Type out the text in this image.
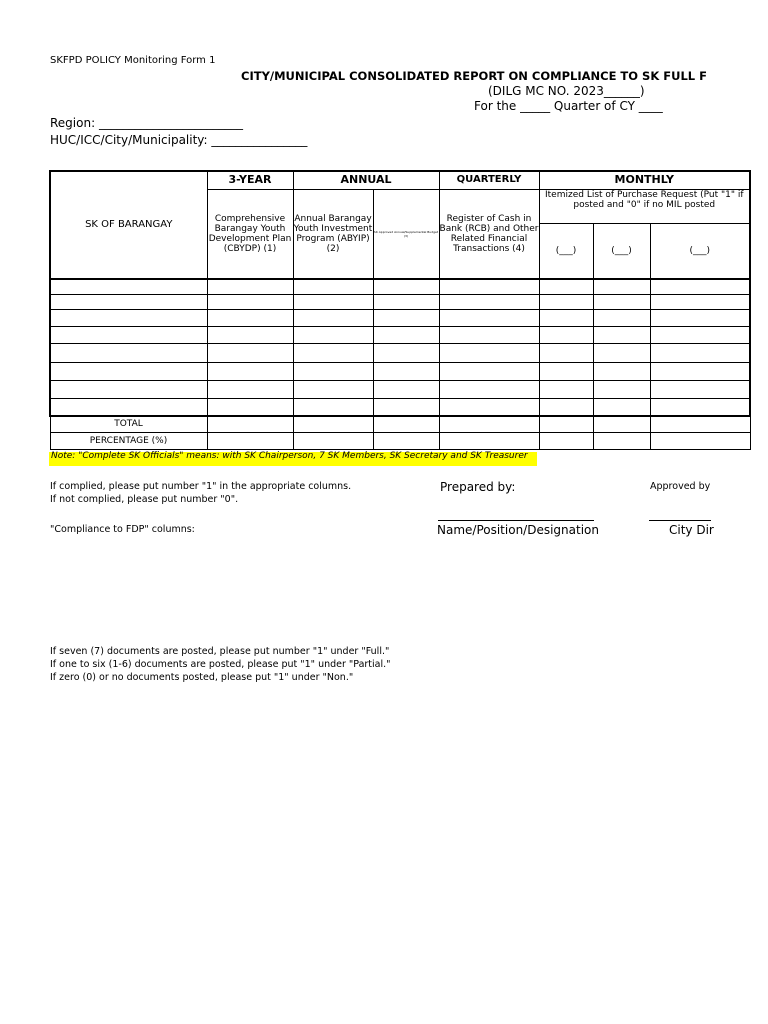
SKFPD POLICY Monitoring Form 1
CITY/MUNICIPAL CONSOLIDATED REPORT ON COMPLIANCE TO SK FULL F
(DILG MC NO. 2023______)
For the _____ Quarter of CY ____
Region: ________________________
HUC/ICC/City/Municipality: ________________
SK OF BARANGAY	3-YEAR	ANNUAL		QUARTERLY	MONTHLY		
	Comprehensive Barangay Youth Development Plan (CBYDP) (1)	Annual Barangay Youth Investment Program (ABYIP) (2)	SK Approved Annual/Supplemental Budget (3)	Register of Cash in Bank (RCB) and Other Related Financial Transactions (4)	Itemized List of Purchase Request (Put "1" if posted and "0" if no MIL posted		
					(___)	(___)	(___)

TOTAL							
PERCENTAGE (%)							
Note: "Complete SK Officials" means: with SK Chairperson, 7 SK Members, SK Secretary and SK Treasurer
If complied, please put number "1" in the appropriate columns.
If not complied, please put number "0".
"Compliance to FDP" columns:
Prepared by:	Approved by
Name/Position/Designation	City Dir
If seven (7) documents are posted, please put number "1" under "Full."
If one to six (1-6) documents are posted, please put "1" under "Partial."
If zero (0) or no documents posted, please put "1" under "Non."
